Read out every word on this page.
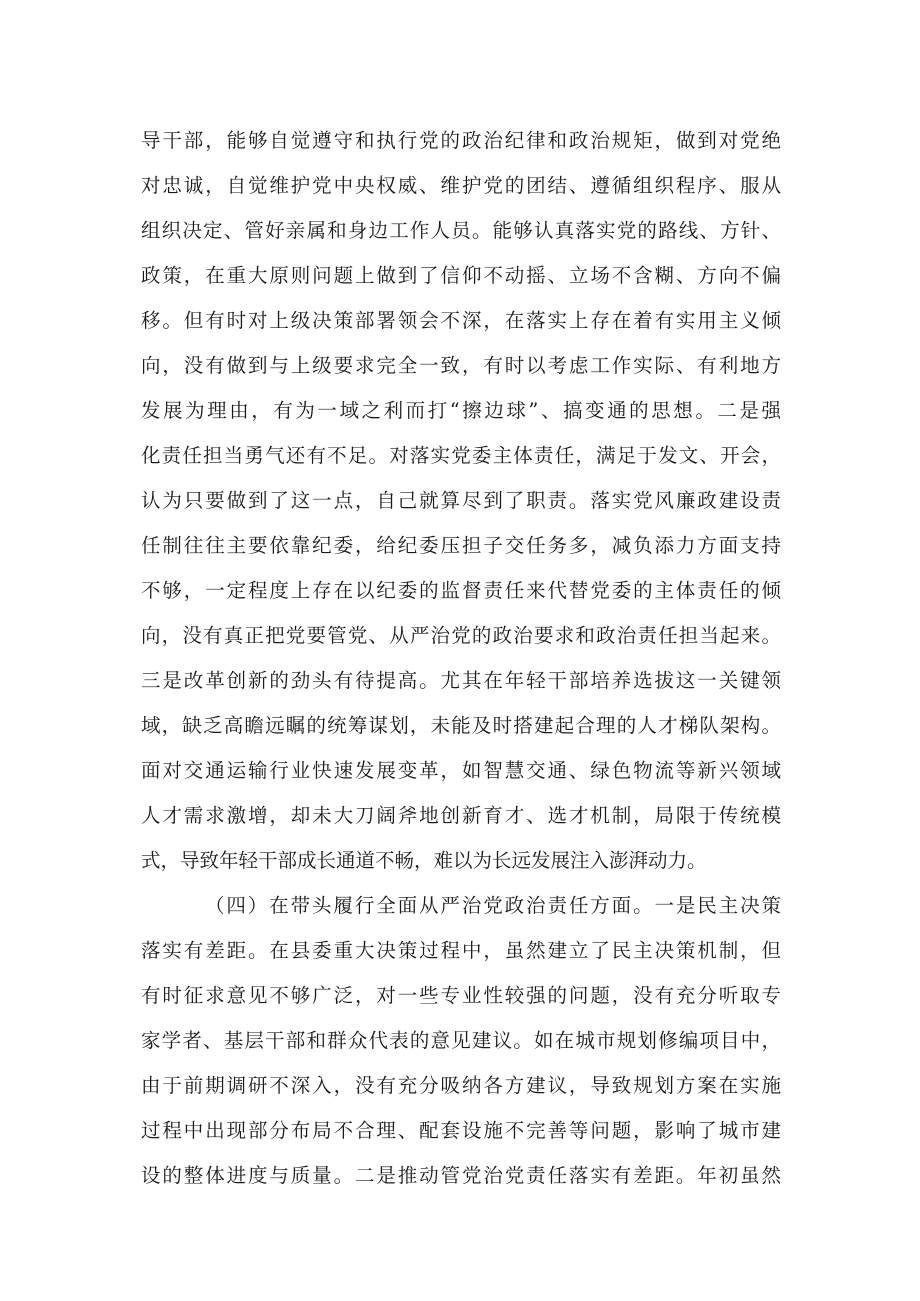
导干部，能够自觉遵守和执行党的政治纪律和政治规矩，做到对党绝
对忠诚，自觉维护党中央权威、维护党的团结、遵循组织程序、服从
组织决定、管好亲属和身边工作人员。能够认真落实党的路线、方针、
政策，在重大原则问题上做到了信仰不动摇、立场不含糊、方向不偏
移。但有时对上级决策部署领会不深，在落实上存在着有实用主义倾
向，没有做到与上级要求完全一致，有时以考虑工作实际、有利地方
发展为理由，有为一域之利而打“擦边球”、搞变通的思想。二是强
化责任担当勇气还有不足。对落实党委主体责任，满足于发文、开会，
认为只要做到了这一点，自己就算尽到了职责。落实党风廉政建设责
任制往往主要依靠纪委，给纪委压担子交任务多，减负添力方面支持
不够，一定程度上存在以纪委的监督责任来代替党委的主体责任的倾
向，没有真正把党要管党、从严治党的政治要求和政治责任担当起来。
三是改革创新的劲头有待提高。尤其在年轻干部培养选拔这一关键领
域，缺乏高瞻远瞩的统筹谋划，未能及时搭建起合理的人才梯队架构。
面对交通运输行业快速发展变革，如智慧交通、绿色物流等新兴领域
人才需求激增，却未大刀阔斧地创新育才、选才机制，局限于传统模
式，导致年轻干部成长通道不畅，难以为长远发展注入澎湃动力。
（四）在带头履行全面从严治党政治责任方面。一是民主决策
落实有差距。在县委重大决策过程中，虽然建立了民主决策机制，但
有时征求意见不够广泛，对一些专业性较强的问题，没有充分听取专
家学者、基层干部和群众代表的意见建议。如在城市规划修编项目中，
由于前期调研不深入，没有充分吸纳各方建议，导致规划方案在实施
过程中出现部分布局不合理、配套设施不完善等问题，影响了城市建
设的整体进度与质量。二是推动管党治党责任落实有差距。年初虽然
